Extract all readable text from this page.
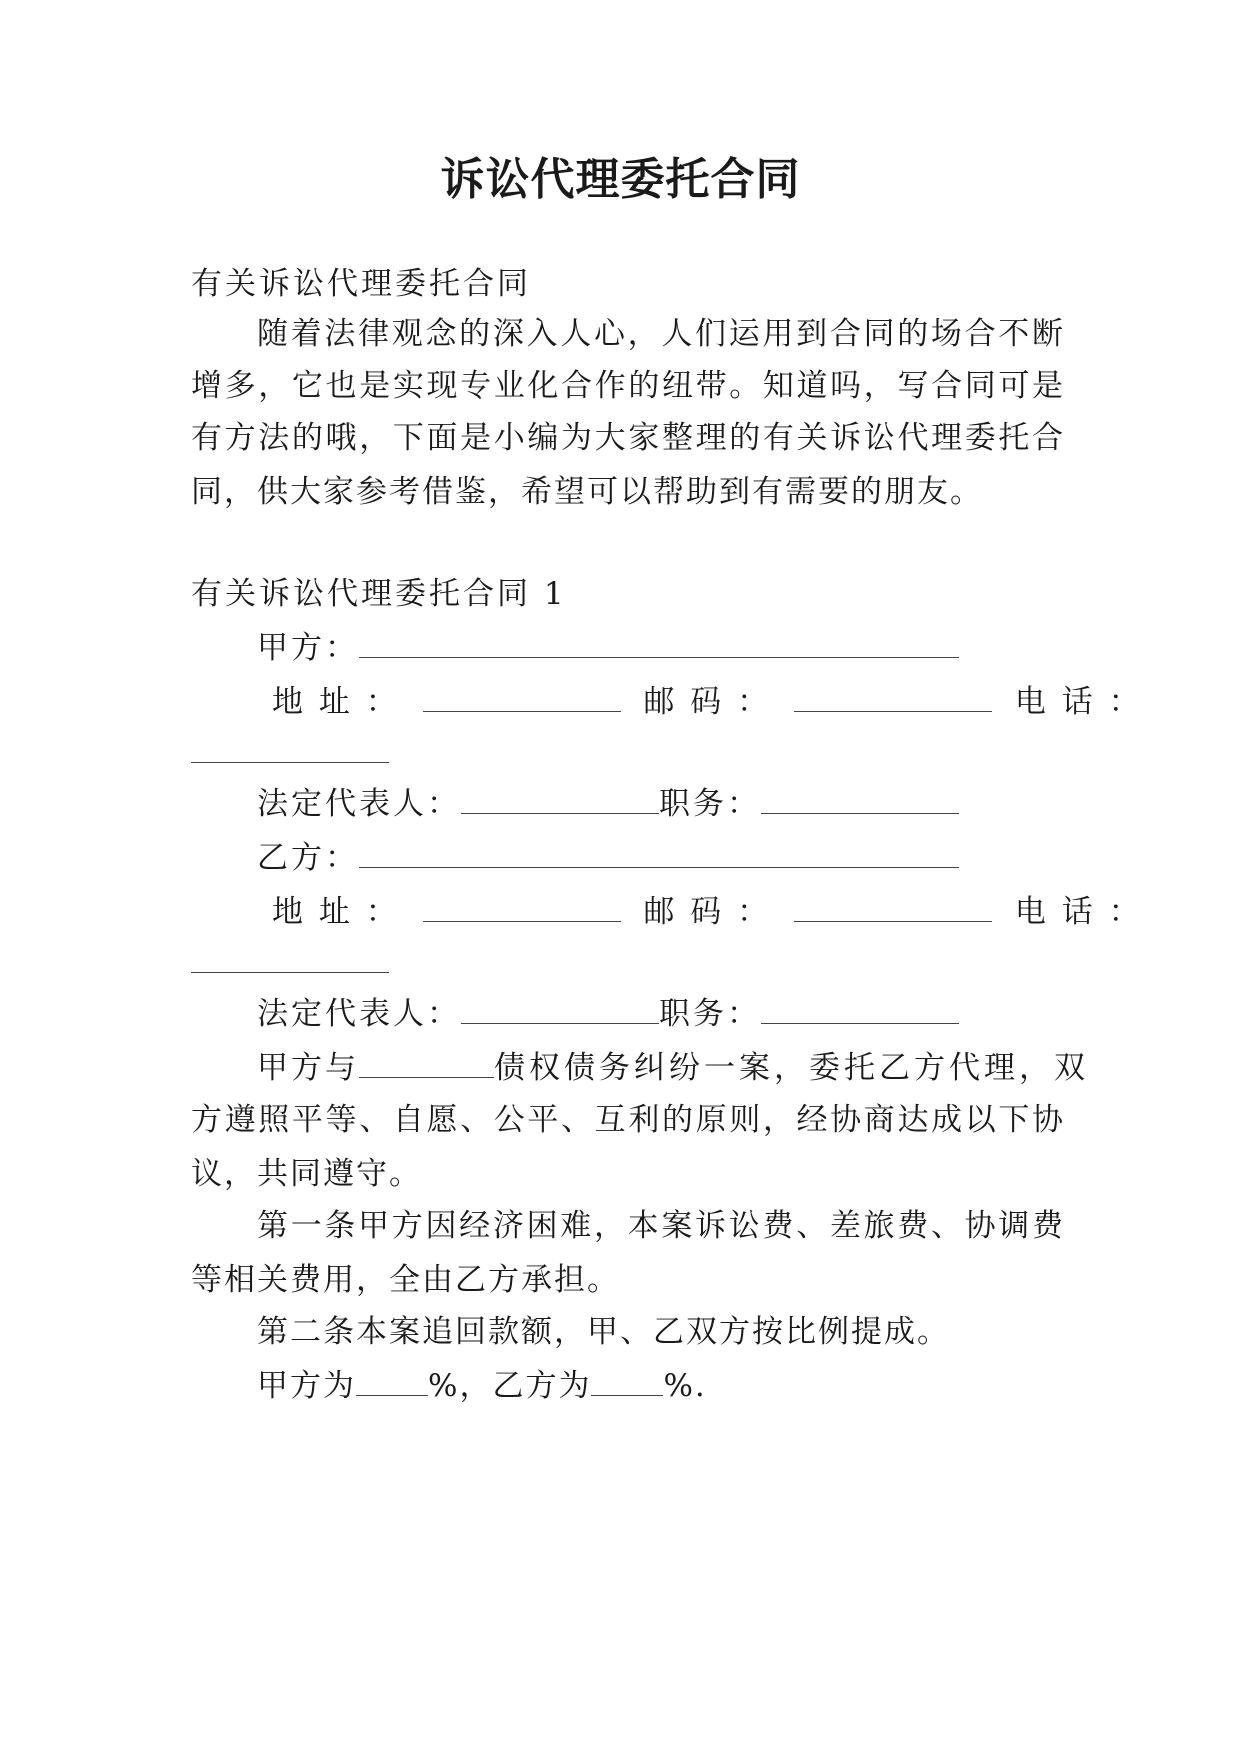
诉讼代理委托合同
有关诉讼代理委托合同
随着法律观念的深入人心，人们运用到合同的场合不断
增多，它也是实现专业化合作的纽带。知道吗，写合同可是
有方法的哦，下面是小编为大家整理的有关诉讼代理委托合
同，供大家参考借鉴，希望可以帮助到有需要的朋友。
有关诉讼代理委托合同 1
甲方：
地 址 ：	邮 码 ：	电 话 ：
法定代表人：	职务：
乙方：
地 址 ：	邮 码 ：	电 话 ：
法定代表人：	职务：
甲方与	债权债务纠纷一案，委托乙方代理，双
方遵照平等、自愿、公平、互利的原则，经协商达成以下协
议，共同遵守。
第一条甲方因经济困难，本案诉讼费、差旅费、协调费
等相关费用，全由乙方承担。
第二条本案追回款额，甲、乙双方按比例提成。
甲方为 %，乙方为 %.
